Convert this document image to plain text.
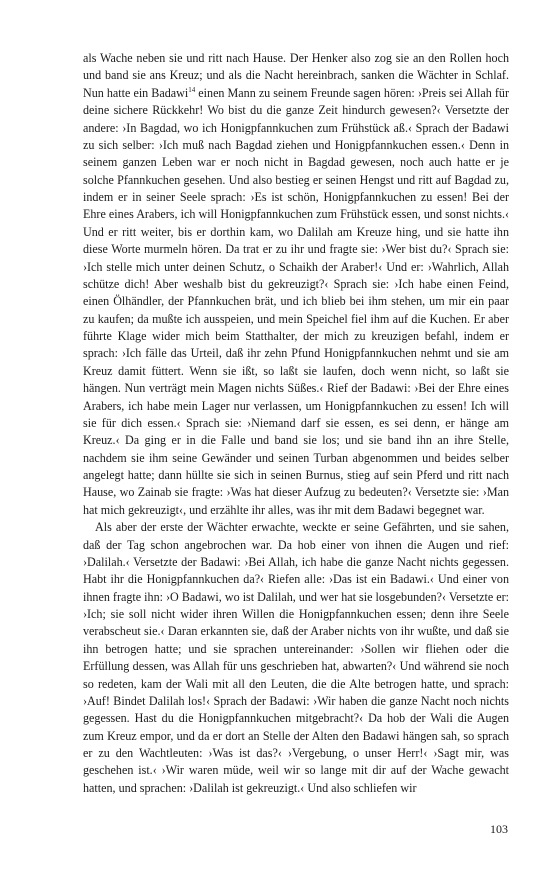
als Wache neben sie und ritt nach Hause. Der Henker also zog sie an den Rollen hoch und band sie ans Kreuz; und als die Nacht hereinbrach, sanken die Wächter in Schlaf. Nun hatte ein Badawi$^{14}$ einen Mann zu seinem Freunde sagen hören: ›Preis sei Allah für deine sichere Rückkehr! Wo bist du die ganze Zeit hindurch gewesen?‹ Versetzte der andere: ›In Bagdad, wo ich Honigpfannkuchen zum Frühstück aß.‹ Sprach der Badawi zu sich selber: ›Ich muß nach Bagdad ziehen und Honigpfannkuchen essen.‹ Denn in seinem ganzen Leben war er noch nicht in Bagdad gewesen, noch auch hatte er je solche Pfannkuchen gesehen. Und also bestieg er seinen Hengst und ritt auf Bagdad zu, indem er in seiner Seele sprach: ›Es ist schön, Honigpfannkuchen zu essen! Bei der Ehre eines Arabers, ich will Honigpfannkuchen zum Frühstück essen, und sonst nichts.‹ Und er ritt weiter, bis er dorthin kam, wo Dalilah am Kreuze hing, und sie hatte ihn diese Worte murmeln hören. Da trat er zu ihr und fragte sie: ›Wer bist du?‹ Sprach sie: ›Ich stelle mich unter deinen Schutz, o Schaikh der Araber!‹ Und er: ›Wahrlich, Allah schütze dich! Aber weshalb bist du gekreuzigt?‹ Sprach sie: ›Ich habe einen Feind, einen Ölhändler, der Pfannkuchen brät, und ich blieb bei ihm stehen, um mir ein paar zu kaufen; da mußte ich ausspeien, und mein Speichel fiel ihm auf die Kuchen. Er aber führte Klage wider mich beim Statthalter, der mich zu kreuzigen befahl, indem er sprach: ›Ich fälle das Urteil, daß ihr zehn Pfund Honigpfannkuchen nehmt und sie am Kreuz damit füttert. Wenn sie ißt, so laßt sie laufen, doch wenn nicht, so laßt sie hängen. Nun verträgt mein Magen nichts Süßes.‹ Rief der Badawi: ›Bei der Ehre eines Arabers, ich habe mein Lager nur verlassen, um Honigpfannkuchen zu essen! Ich will sie für dich essen.‹ Sprach sie: ›Niemand darf sie essen, es sei denn, er hänge am Kreuz.‹ Da ging er in die Falle und band sie los; und sie band ihn an ihre Stelle, nachdem sie ihm seine Gewänder und seinen Turban abgenommen und beides selber angelegt hatte; dann hüllte sie sich in seinen Burnus, stieg auf sein Pferd und ritt nach Hause, wo Zainab sie fragte: ›Was hat dieser Aufzug zu bedeuten?‹ Versetzte sie: ›Man hat mich gekreuzigt‹, und erzählte ihr alles, was ihr mit dem Badawi begegnet war.

Als aber der erste der Wächter erwachte, weckte er seine Gefährten, und sie sahen, daß der Tag schon angebrochen war. Da hob einer von ihnen die Augen und rief: ›Dalilah.‹ Versetzte der Badawi: ›Bei Allah, ich habe die ganze Nacht nichts gegessen. Habt ihr die Honigpfannkuchen da?‹ Riefen alle: ›Das ist ein Badawi.‹ Und einer von ihnen fragte ihn: ›O Badawi, wo ist Dalilah, und wer hat sie losgebunden?‹ Versetzte er: ›Ich; sie soll nicht wider ihren Willen die Honigpfannkuchen essen; denn ihre Seele verabscheut sie.‹ Daran erkannten sie, daß der Araber nichts von ihr wußte, und daß sie ihn betrogen hatte; und sie sprachen untereinander: ›Sollen wir fliehen oder die Erfüllung dessen, was Allah für uns geschrieben hat, abwarten?‹ Und während sie noch so redeten, kam der Wali mit all den Leuten, die die Alte betrogen hatte, und sprach: ›Auf! Bindet Dalilah los!‹ Sprach der Badawi: ›Wir haben die ganze Nacht noch nichts gegessen. Hast du die Honigpfannkuchen mitgebracht?‹ Da hob der Wali die Augen zum Kreuz empor, und da er dort an Stelle der Alten den Badawi hängen sah, so sprach er zu den Wachtleuten: ›Was ist das?‹ ›Vergebung, o unser Herr!‹ ›Sagt mir, was geschehen ist.‹ ›Wir waren müde, weil wir so lange mit dir auf der Wache gewacht hatten, und sprachen: ›Dalilah ist gekreuzigt.‹ Und also schliefen wir

103
